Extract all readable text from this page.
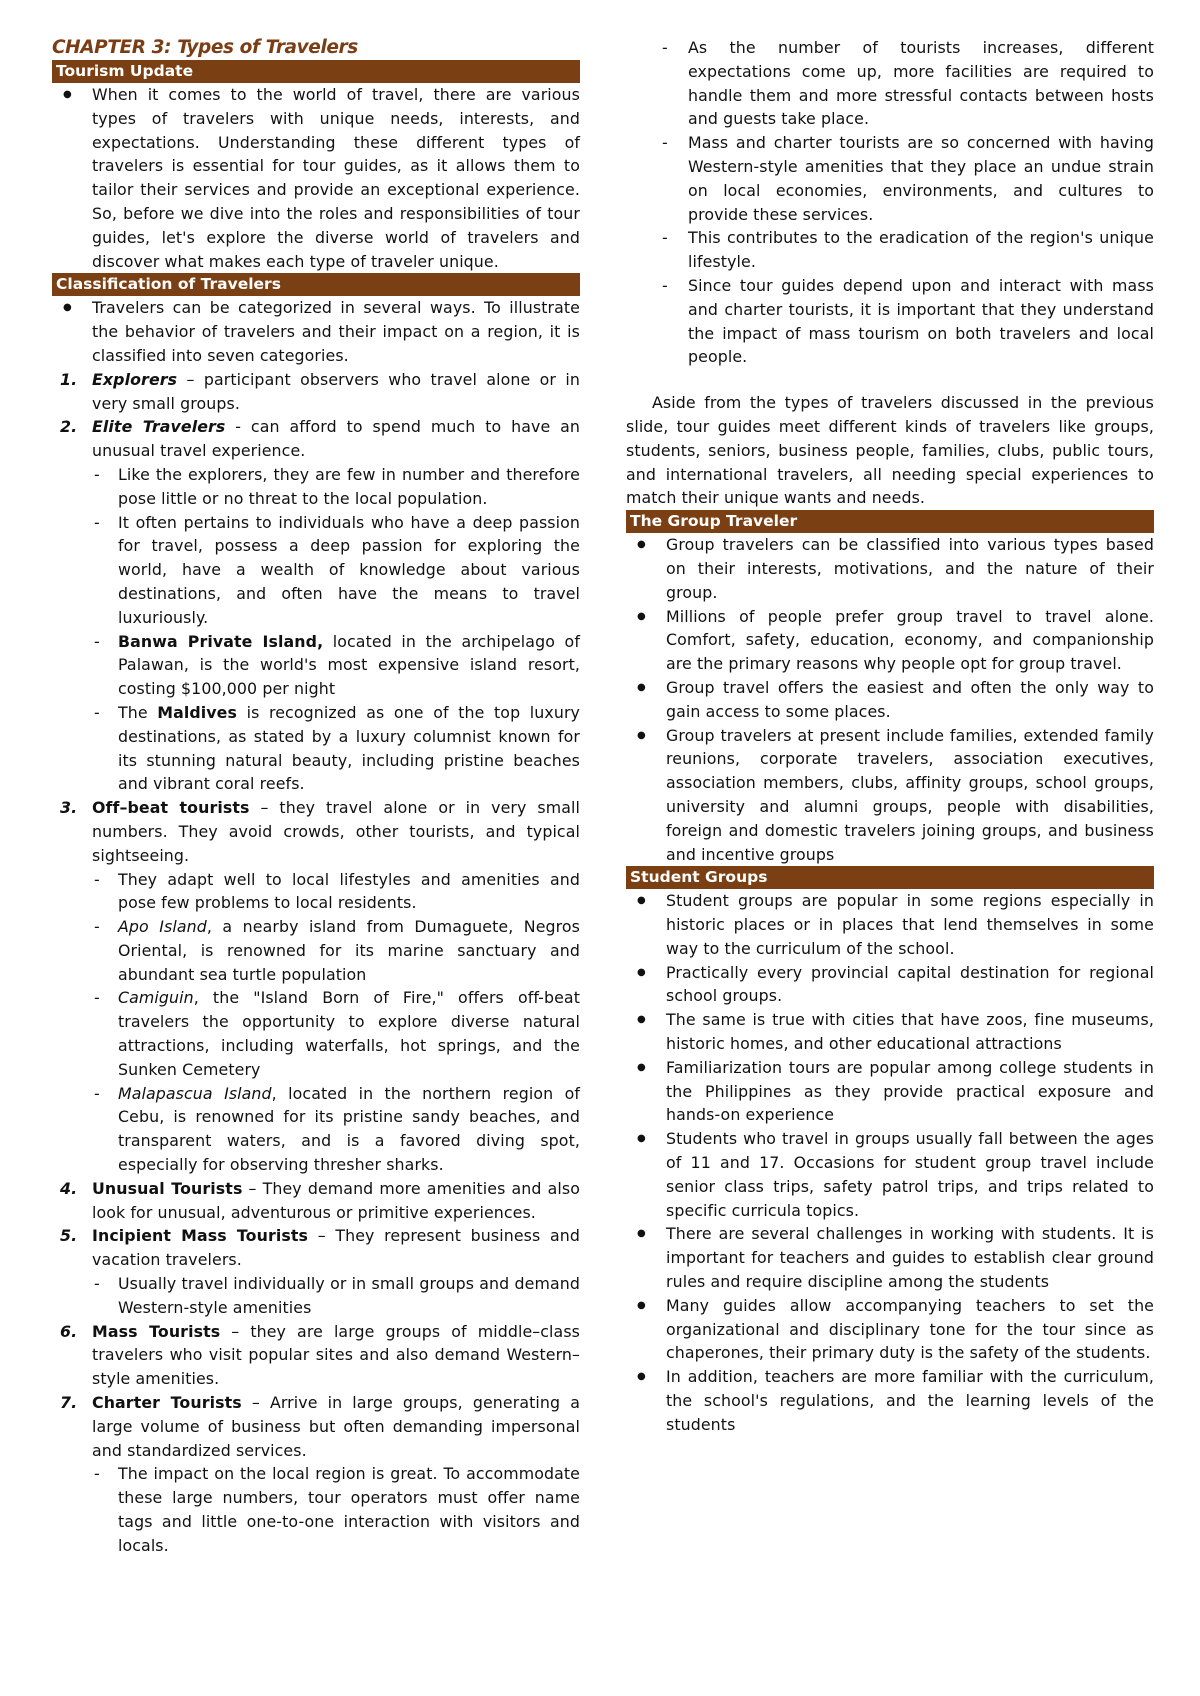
CHAPTER 3: Types of Travelers
Tourism Update
● When it comes to the world of travel, there are various types of travelers with unique needs, interests, and expectations. Understanding these different types of travelers is essential for tour guides, as it allows them to tailor their services and provide an exceptional experience. So, before we dive into the roles and responsibilities of tour guides, let's explore the diverse world of travelers and discover what makes each type of traveler unique.
Classification of Travelers
● Travelers can be categorized in several ways. To illustrate the behavior of travelers and their impact on a region, it is classified into seven categories.
1. Explorers – participant observers who travel alone or in very small groups.
2. Elite Travelers - can afford to spend much to have an unusual travel experience.
- Like the explorers, they are few in number and therefore pose little or no threat to the local population.
- It often pertains to individuals who have a deep passion for travel, possess a deep passion for exploring the world, have a wealth of knowledge about various destinations, and often have the means to travel luxuriously.
- Banwa Private Island, located in the archipelago of Palawan, is the world's most expensive island resort, costing $100,000 per night
- The Maldives is recognized as one of the top luxury destinations, as stated by a luxury columnist known for its stunning natural beauty, including pristine beaches and vibrant coral reefs.
3. Off–beat tourists – they travel alone or in very small numbers. They avoid crowds, other tourists, and typical sightseeing.
- They adapt well to local lifestyles and amenities and pose few problems to local residents.
- Apo Island, a nearby island from Dumaguete, Negros Oriental, is renowned for its marine sanctuary and abundant sea turtle population
- Camiguin, the "Island Born of Fire," offers off-beat travelers the opportunity to explore diverse natural attractions, including waterfalls, hot springs, and the Sunken Cemetery
- Malapascua Island, located in the northern region of Cebu, is renowned for its pristine sandy beaches, and transparent waters, and is a favored diving spot, especially for observing thresher sharks.
4. Unusual Tourists – They demand more amenities and also look for unusual, adventurous or primitive experiences.
5. Incipient Mass Tourists – They represent business and vacation travelers.
- Usually travel individually or in small groups and demand Western-style amenities
6. Mass Tourists – they are large groups of middle–class travelers who visit popular sites and also demand Western–style amenities.
7. Charter Tourists – Arrive in large groups, generating a large volume of business but often demanding impersonal and standardized services.
- The impact on the local region is great. To accommodate these large numbers, tour operators must offer name tags and little one-to-one interaction with visitors and locals.
- As the number of tourists increases, different expectations come up, more facilities are required to handle them and more stressful contacts between hosts and guests take place.
- Mass and charter tourists are so concerned with having Western-style amenities that they place an undue strain on local economies, environments, and cultures to provide these services.
- This contributes to the eradication of the region's unique lifestyle.
- Since tour guides depend upon and interact with mass and charter tourists, it is important that they understand the impact of mass tourism on both travelers and local people.

Aside from the types of travelers discussed in the previous slide, tour guides meet different kinds of travelers like groups, students, seniors, business people, families, clubs, public tours, and international travelers, all needing special experiences to match their unique wants and needs.

The Group Traveler
● Group travelers can be classified into various types based on their interests, motivations, and the nature of their group.
● Millions of people prefer group travel to travel alone. Comfort, safety, education, economy, and companionship are the primary reasons why people opt for group travel.
● Group travel offers the easiest and often the only way to gain access to some places.
● Group travelers at present include families, extended family reunions, corporate travelers, association executives, association members, clubs, affinity groups, school groups, university and alumni groups, people with disabilities, foreign and domestic travelers joining groups, and business and incentive groups
Student Groups
● Student groups are popular in some regions especially in historic places or in places that lend themselves in some way to the curriculum of the school.
● Practically every provincial capital destination for regional school groups.
● The same is true with cities that have zoos, fine museums, historic homes, and other educational attractions
● Familiarization tours are popular among college students in the Philippines as they provide practical exposure and hands-on experience
● Students who travel in groups usually fall between the ages of 11 and 17. Occasions for student group travel include senior class trips, safety patrol trips, and trips related to specific curricula topics.
● There are several challenges in working with students. It is important for teachers and guides to establish clear ground rules and require discipline among the students
● Many guides allow accompanying teachers to set the organizational and disciplinary tone for the tour since as chaperones, their primary duty is the safety of the students.
● In addition, teachers are more familiar with the curriculum, the school's regulations, and the learning levels of the students
